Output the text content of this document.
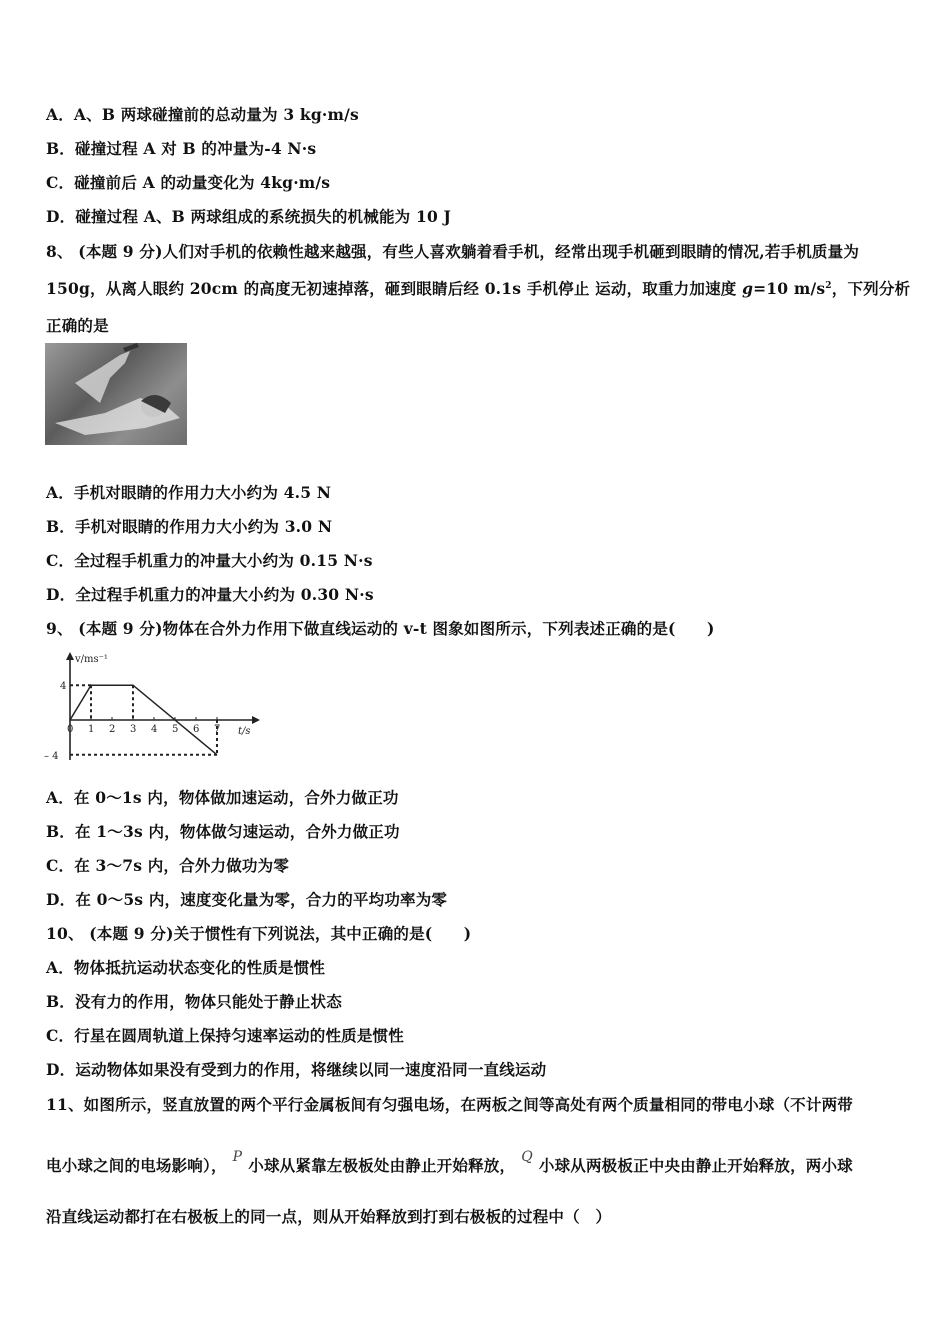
A．A、B 两球碰撞前的总动量为 3 kg·m/s
B．碰撞过程 A 对 B 的冲量为-4 N·s
C．碰撞前后 A 的动量变化为 4kg·m/s
D．碰撞过程 A、B 两球组成的系统损失的机械能为 10 J
8、 (本题 9 分)人们对手机的依赖性越来越强，有些人喜欢躺着看手机，经常出现手机砸到眼睛的情况,若手机质量为
150g，从离人眼约 20cm 的高度无初速掉落，砸到眼睛后经 0.1s 手机停止 运动，取重力加速度 g=10 $m/s^2$，下列分析
正确的是
A．手机对眼睛的作用力大小约为 4.5 N
B．手机对眼睛的作用力大小约为 3.0 N
C．全过程手机重力的冲量大小约为 0.15 N·s
D．全过程手机重力的冲量大小约为 0.30 N·s
9、 (本题 9 分)物体在合外力作用下做直线运动的 v-t 图象如图所示，下列表述正确的是(　　)
v/ms⁻¹
t/s
0 1 2 3 4 5 6 7
4
– 4
A．在 0～1s 内，物体做加速运动，合外力做正功
B．在 1～3s 内，物体做匀速运动，合外力做正功
C．在 3～7s 内，合外力做功为零
D．在 0～5s 内，速度变化量为零，合力的平均功率为零
10、 (本题 9 分)关于惯性有下列说法，其中正确的是(　　)
A．物体抵抗运动状态变化的性质是惯性
B．没有力的作用，物体只能处于静止状态
C．行星在圆周轨道上保持匀速率运动的性质是惯性
D．运动物体如果没有受到力的作用，将继续以同一速度沿同一直线运动
11、如图所示，竖直放置的两个平行金属板间有匀强电场，在两板之间等高处有两个质量相同的带电小球（不计两带
电小球之间的电场影响）， P 小球从紧靠左极板处由静止开始释放， Q 小球从两极板正中央由静止开始释放，两小球
沿直线运动都打在右极板上的同一点，则从开始释放到打到右极板的过程中（　）
